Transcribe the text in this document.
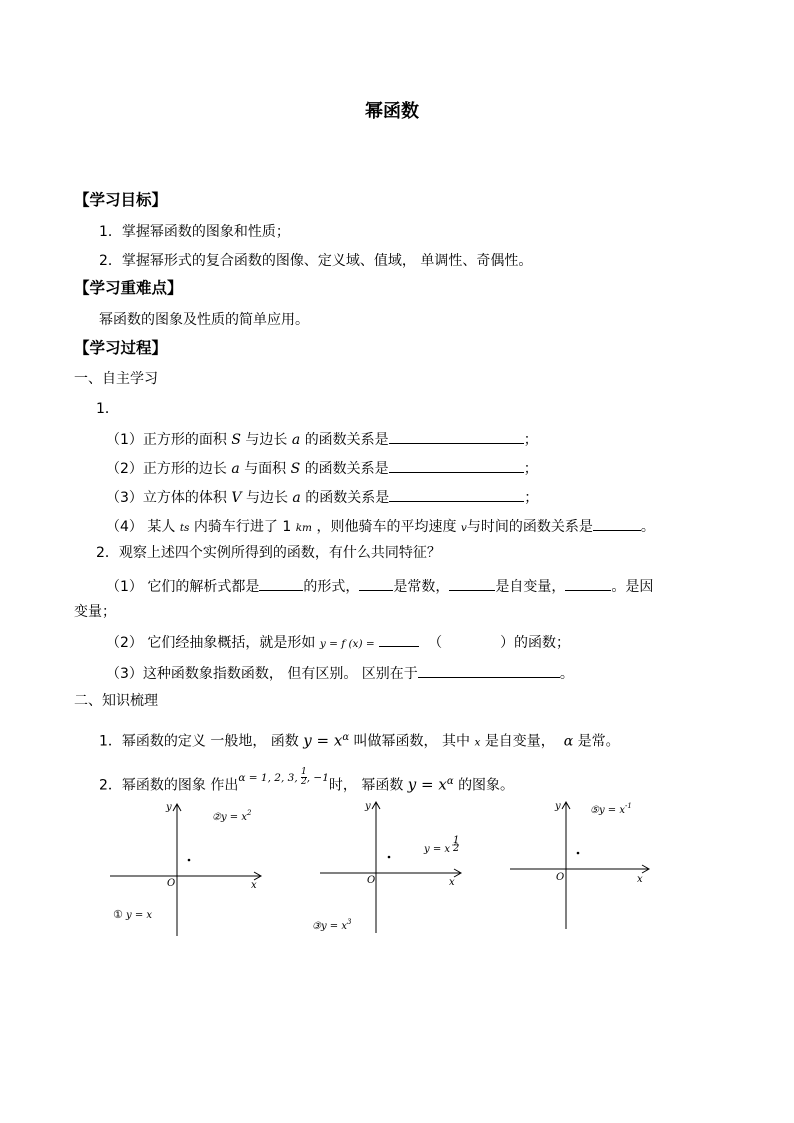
幂函数
【学习目标】
1．掌握幂函数的图象和性质；
2．掌握幂形式的复合函数的图像、定义域、值域， 单调性、奇偶性。
【学习重难点】
幂函数的图象及性质的简单应用。
【学习过程】
一、自主学习
1．
（1）正方形的面积 S 与边长 a 的函数关系是	；
（2）正方形的边长 a 与面积 S 的函数关系是	；
（3）立方体的体积 V 与边长 a 的函数关系是	；
（4） 某人 ts 内骑车行进了 1 km ，则他骑车的平均速度 v与时间的函数关系是	。
2．观察上述四个实例所得到的函数，有什么共同特征？
（1） 它们的解析式都是	的形式， 是常数，	是自变量，	。是因
变量；
（2） 它们经抽象概括，就是形如 y = f (x) =	（	）的函数；
（3）这种函数象指数函数， 但有区别。 区别在于	。
二、知识梳理
1．幂函数的定义 一般地， 函数 $y = x^\alpha$ 叫做幂函数， 其中 x 是自变量， α 是常。
2．幂函数的图象 作出$^{\alpha = 1, 2, 3, \frac{1}{2} , -1}$时， 幂函数 $y = x^\alpha$ 的图象。
y
x
O
②y = $x^2$
① y = x
y
x
O
y = x
1
2
③y = $x^3$
y
x
O
⑤y = $x^{-1}$
